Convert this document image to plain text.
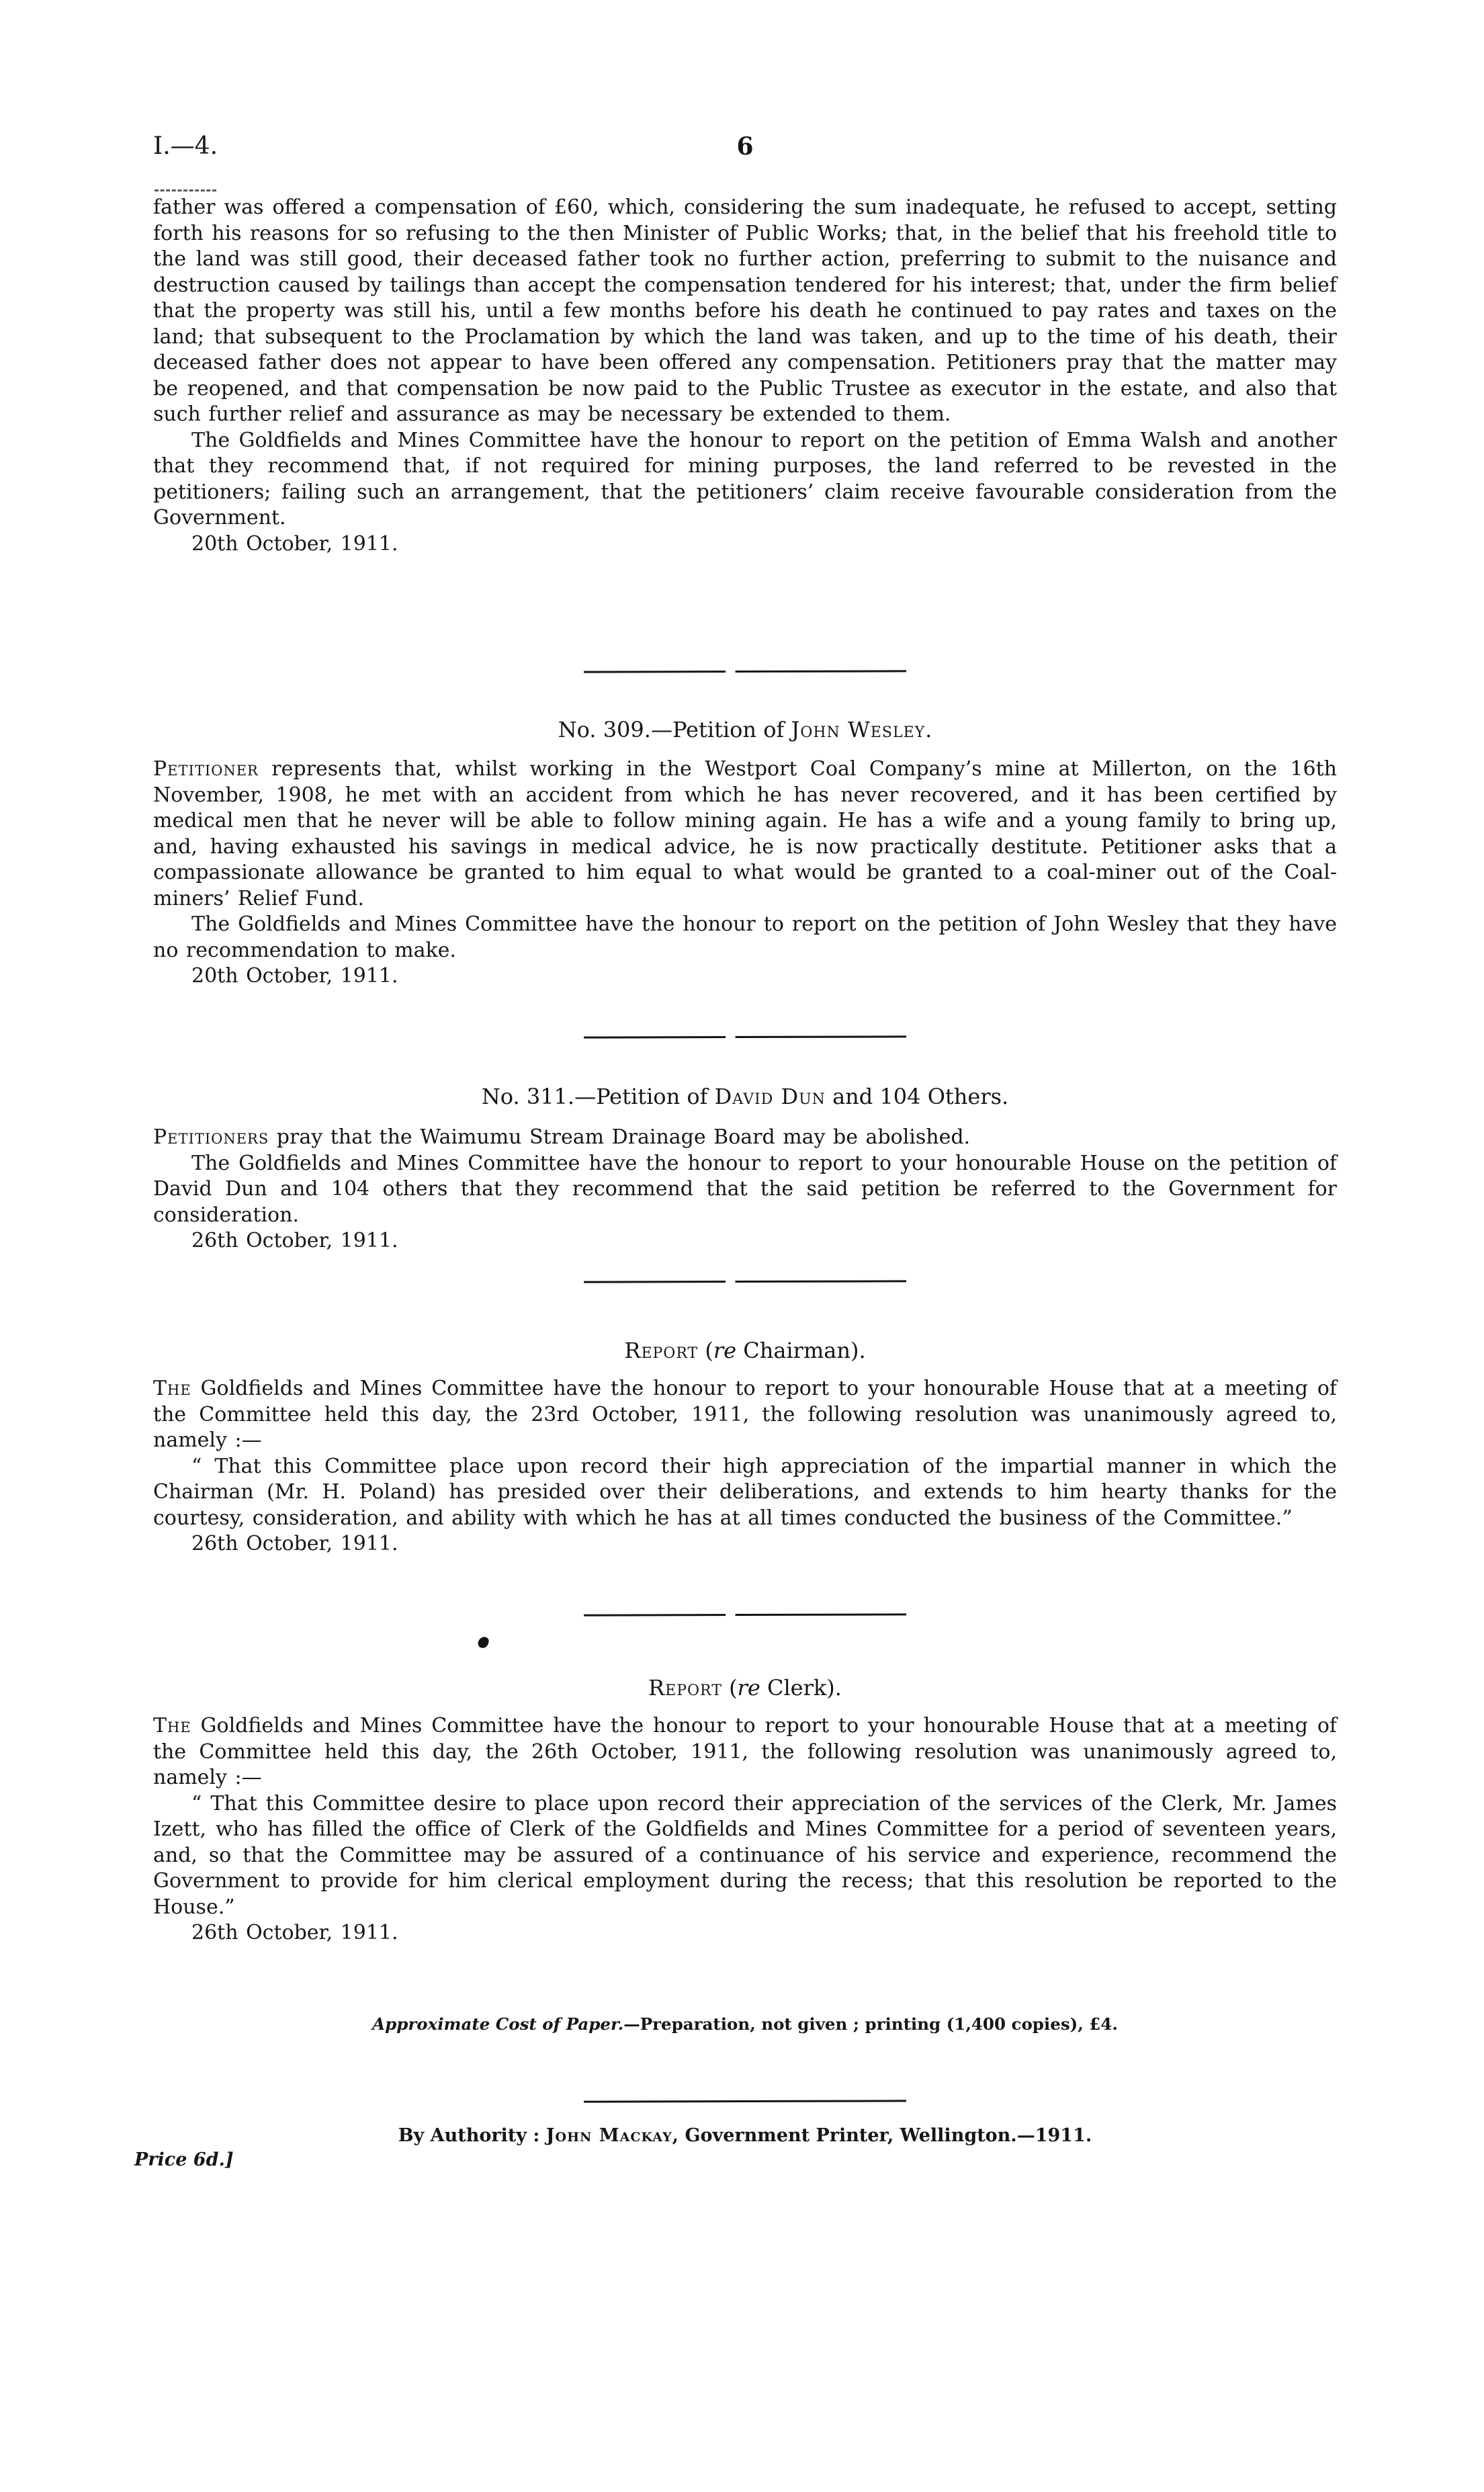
I.—4.	6

father was offered a compensation of £60, which, considering the sum inadequate, he refused to accept, setting forth his reasons for so refusing to the then Minister of Public Works; that, in the belief that his freehold title to the land was still good, their deceased father took no further action, preferring to submit to the nuisance and destruction caused by tailings than accept the compensation tendered for his interest; that, under the firm belief that the property was still his, until a few months before his death he continued to pay rates and taxes on the land; that subsequent to the Proclamation by which the land was taken, and up to the time of his death, their deceased father does not appear to have been offered any compensation. Petitioners pray that the matter may be reopened, and that compensation be now paid to the Public Trustee as executor in the estate, and also that such further relief and assurance as may be necessary be extended to them.

The Goldfields and Mines Committee have the honour to report on the petition of Emma Walsh and another that they recommend that, if not required for mining purposes, the land referred to be revested in the petitioners; failing such an arrangement, that the petitioners’ claim receive favourable consideration from the Government.

20th October, 1911.

No. 309.—Petition of John Wesley.

Petitioner represents that, whilst working in the Westport Coal Company’s mine at Millerton, on the 16th November, 1908, he met with an accident from which he has never recovered, and it has been certified by medical men that he never will be able to follow mining again. He has a wife and a young family to bring up, and, having exhausted his savings in medical advice, he is now practically destitute. Petitioner asks that a compassionate allowance be granted to him equal to what would be granted to a coal-miner out of the Coal-miners’ Relief Fund.

The Goldfields and Mines Committee have the honour to report on the petition of John Wesley that they have no recommendation to make.

20th October, 1911.

No. 311.—Petition of David Dun and 104 Others.

Petitioners pray that the Waimumu Stream Drainage Board may be abolished.

The Goldfields and Mines Committee have the honour to report to your honourable House on the petition of David Dun and 104 others that they recommend that the said petition be referred to the Government for consideration.

26th October, 1911.

Report (re Chairman).

The Goldfields and Mines Committee have the honour to report to your honourable House that at a meeting of the Committee held this day, the 23rd October, 1911, the following resolution was unanimously agreed to, namely :—

“ That this Committee place upon record their high appreciation of the impartial manner in which the Chairman (Mr. H. Poland) has presided over their deliberations, and extends to him hearty thanks for the courtesy, consideration, and ability with which he has at all times conducted the business of the Committee.”

26th October, 1911.

Report (re Clerk).

The Goldfields and Mines Committee have the honour to report to your honourable House that at a meeting of the Committee held this day, the 26th October, 1911, the following resolution was unanimously agreed to, namely :—

“ That this Committee desire to place upon record their appreciation of the services of the Clerk, Mr. James Izett, who has filled the office of Clerk of the Goldfields and Mines Committee for a period of seventeen years, and, so that the Committee may be assured of a continuance of his service and experience, recommend the Government to provide for him clerical employment during the recess; that this resolution be reported to the House.”

26th October, 1911.

Approximate Cost of Paper.—Preparation, not given ; printing (1,400 copies), £4.
By Authority : John Mackay, Government Printer, Wellington.—1911.
Price 6d.]
